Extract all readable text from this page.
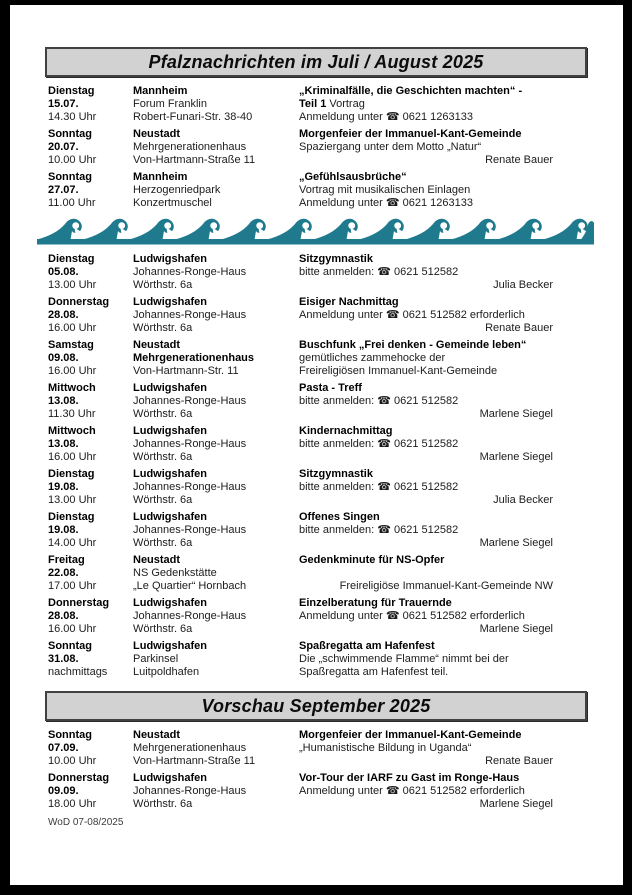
Pfalznachrichten im Juli / August 2025
Dienstag
15.07.
14.30 Uhr
Mannheim
Forum Franklin
Robert-Funari-Str. 38-40
„Kriminalfälle, die Geschichten machten“ -
Teil 1 Vortrag
Anmeldung unter ☎ 0621 1263133
Sonntag
20.07.
10.00 Uhr
Neustadt
Mehrgenerationenhaus
Von-Hartmann-Straße 11
Morgenfeier der Immanuel-Kant-Gemeinde
Spaziergang unter dem Motto „Natur“
Renate Bauer
Sonntag
27.07.
11.00 Uhr
Mannheim
Herzogenriedpark
Konzertmuschel
„Gefühlsausbrüche“
Vortrag mit musikalischen Einlagen
Anmeldung unter ☎ 0621 1263133
Dienstag
05.08.
13.00 Uhr
Ludwigshafen
Johannes-Ronge-Haus
Wörthstr. 6a
Sitzgymnastik
bitte anmelden: ☎ 0621 512582
Julia Becker
Donnerstag
28.08.
16.00 Uhr
Ludwigshafen
Johannes-Ronge-Haus
Wörthstr. 6a
Eisiger Nachmittag
Anmeldung unter ☎ 0621 512582 erforderlich
Renate Bauer
Samstag
09.08.
16.00 Uhr
Neustadt
Mehrgenerationenhaus
Von-Hartmann-Str. 11
Buschfunk „Frei denken - Gemeinde leben“
gemütliches zammehocke der
Freireligiösen Immanuel-Kant-Gemeinde
Mittwoch
13.08.
11.30 Uhr
Ludwigshafen
Johannes-Ronge-Haus
Wörthstr. 6a
Pasta - Treff
bitte anmelden: ☎ 0621 512582
Marlene Siegel
Mittwoch
13.08.
16.00 Uhr
Ludwigshafen
Johannes-Ronge-Haus
Wörthstr. 6a
Kindernachmittag
bitte anmelden: ☎ 0621 512582
Marlene Siegel
Dienstag
19.08.
13.00 Uhr
Ludwigshafen
Johannes-Ronge-Haus
Wörthstr. 6a
Sitzgymnastik
bitte anmelden: ☎ 0621 512582
Julia Becker
Dienstag
19.08.
14.00 Uhr
Ludwigshafen
Johannes-Ronge-Haus
Wörthstr. 6a
Offenes Singen
bitte anmelden: ☎ 0621 512582
Marlene Siegel
Freitag
22.08.
17.00 Uhr
Neustadt
NS Gedenkstätte
„Le Quartier“ Hornbach
Gedenkminute für NS-Opfer

Freireligiöse Immanuel-Kant-Gemeinde NW
Donnerstag
28.08.
16.00 Uhr
Ludwigshafen
Johannes-Ronge-Haus
Wörthstr. 6a
Einzelberatung für Trauernde
Anmeldung unter ☎ 0621 512582 erforderlich
Marlene Siegel
Sonntag
31.08.
nachmittags
Ludwigshafen
Parkinsel
Luitpoldhafen
Spaßregatta am Hafenfest
Die „schwimmende Flamme“ nimmt bei der
Spaßregatta am Hafenfest teil.
Vorschau September 2025
Sonntag
07.09.
10.00 Uhr
Neustadt
Mehrgenerationenhaus
Von-Hartmann-Straße 11
Morgenfeier der Immanuel-Kant-Gemeinde
„Humanistische Bildung in Uganda“
Renate Bauer
Donnerstag
09.09.
18.00 Uhr
Ludwigshafen
Johannes-Ronge-Haus
Wörthstr. 6a
Vor-Tour der IARF zu Gast im Ronge-Haus
Anmeldung unter ☎ 0621 512582 erforderlich
Marlene Siegel
WoD 07-08/2025
